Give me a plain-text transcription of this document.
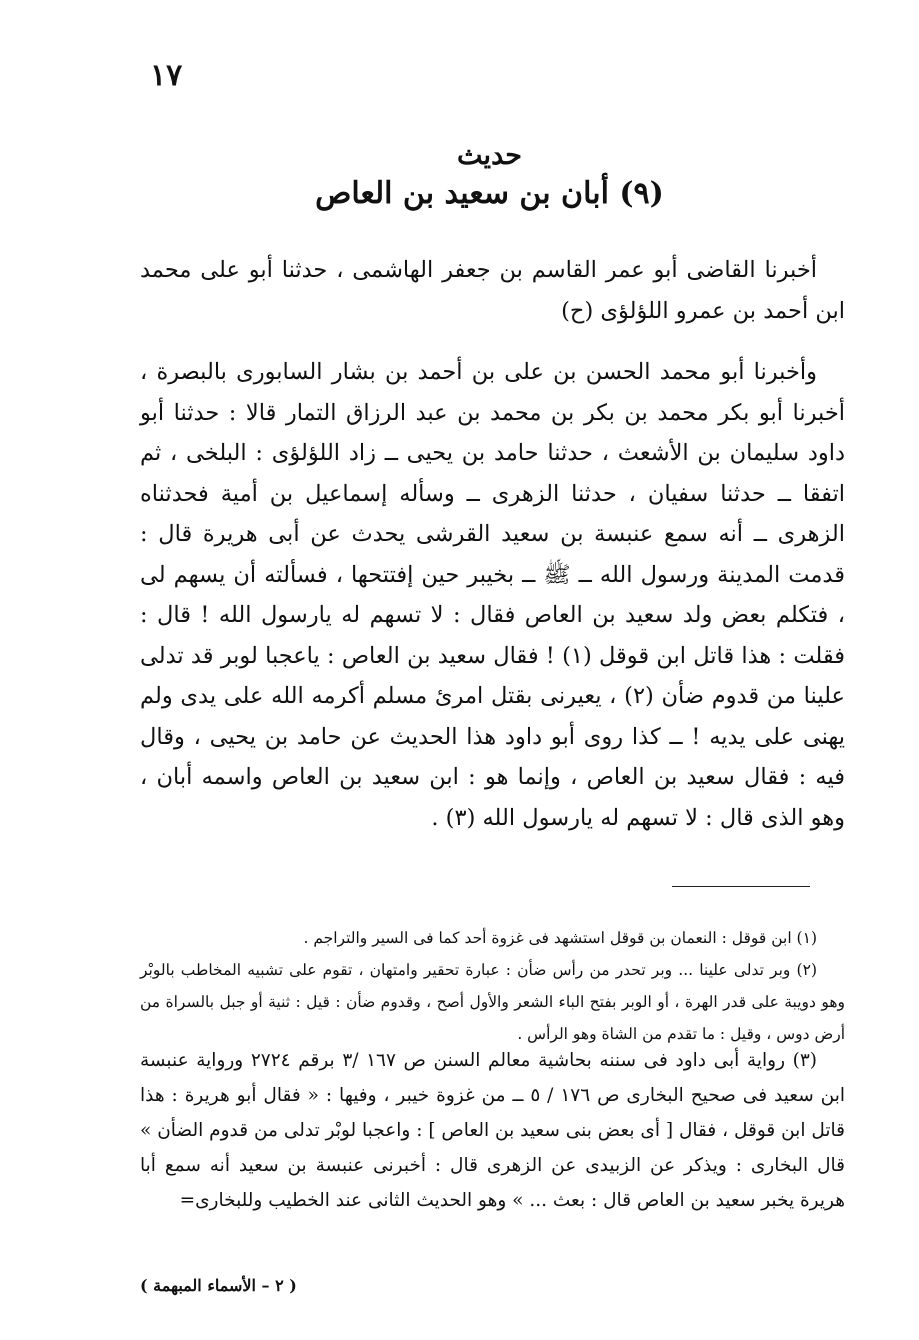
١٧
حديث
(٩) أبان بن سعيد بن العاص

أخبرنا القاضى أبو عمر القاسم بن جعفر الهاشمى ، حدثنا أبو على محمد ابن أحمد بن عمرو اللؤلؤى (ح)

وأخبرنا أبو محمد الحسن بن على بن أحمد بن بشار السابورى بالبصرة ، أخبرنا أبو بكر محمد بن بكر بن محمد بن عبد الرزاق التمار قالا : حدثنا أبو داود سليمان بن الأشعث ، حدثنا حامد بن يحيى ــ زاد اللؤلؤى : البلخى ، ثم اتفقا ــ حدثنا سفيان ، حدثنا الزهرى ــ وسأله إسماعيل بن أمية فحدثناه الزهرى ــ أنه سمع عنبسة بن سعيد القرشى يحدث عن أبى هريرة قال : قدمت المدينة ورسول الله ــ ﷺ ــ بخيبر حين إفتتحها ، فسألته أن يسهم لى ، فتكلم بعض ولد سعيد بن العاص فقال : لا تسهم له يارسول الله ! قال : فقلت : هذا قاتل ابن قوقل (١) ! فقال سعيد بن العاص : ياعجبا لوبر قد تدلى علينا من قدوم ضأن (٢) ، يعيرنى بقتل امرئ مسلم أكرمه الله على يدى ولم يهنى على يديه ! ــ كذا روى أبو داود هذا الحديث عن حامد بن يحيى ، وقال فيه : فقال سعيد بن العاص ، وإنما هو : ابن سعيد بن العاص واسمه أبان ، وهو الذى قال : لا تسهم له يارسول الله (٣) .

(١) ابن قوقل : النعمان بن قوقل استشهد فى غزوة أحد كما فى السير والتراجم .

(٢) وبر تدلى علينا ... وبر تحدر من رأس ضأن : عبارة تحقير وامتهان ، تقوم على تشبيه المخاطب بالوبْر وهو دويبة على قدر الهرة ، أو الوبر بفتح الباء الشعر والأول أصح ، وقدوم ضأن : قيل : ثنية أو جبل بالسراة من أرض دوس ، وقيل : ما تقدم من الشاة وهو الرأس .

(٣) رواية أبى داود فى سننه بحاشية معالم السنن ص ١٦٧ /٣ برقم ٢٧٢٤ ورواية عنبسة ابن سعيد فى صحيح البخارى ص ١٧٦ / ٥ ــ من غزوة خيبر ، وفيها : « فقال أبو هريرة : هذا قاتل ابن قوقل ، فقال [ أى بعض بنى سعيد بن العاص ] : واعجبا لوبْر تدلى من قدوم الضأن » قال البخارى : ويذكر عن الزبيدى عن الزهرى قال : أخبرنى عنبسة بن سعيد أنه سمع أبا هريرة يخبر سعيد بن العاص قال : بعث ... » وهو الحديث الثانى عند الخطيب وللبخارى=

( ٢ – الأسماء المبهمة )
